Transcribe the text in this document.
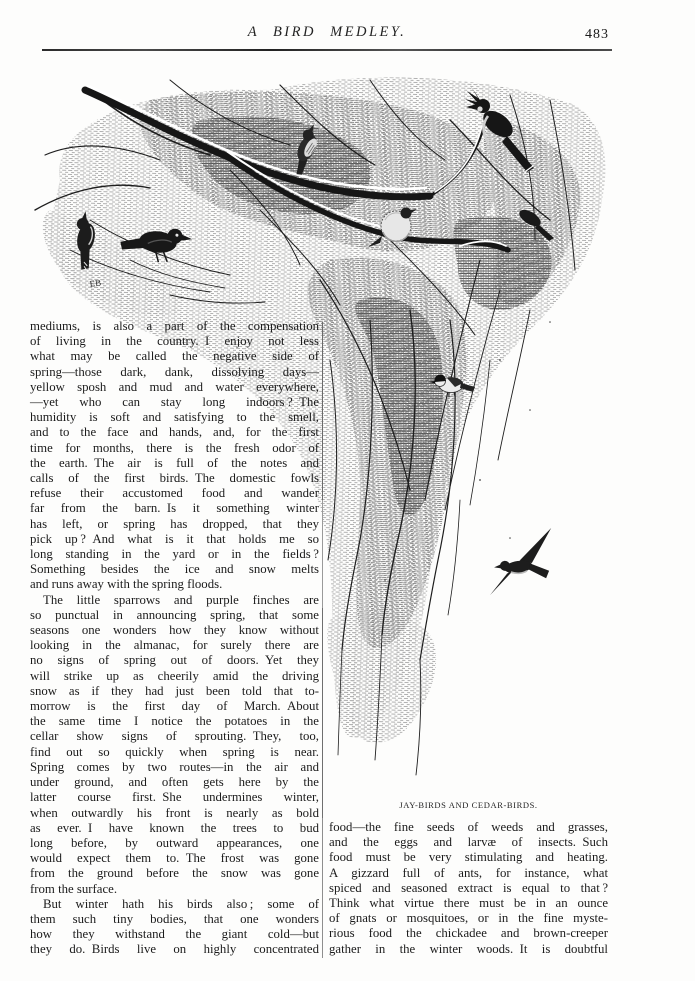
A BIRD MEDLEY.	483
EB
JAY-BIRDS AND CEDAR-BIRDS.
mediums, is also a part of the compensation
of living in the country. I enjoy not less
what may be called the negative side of
spring—those dark, dank, dissolving days—
yellow sposh and mud and water everywhere,
—yet who can stay long indoors ? The
humidity is soft and satisfying to the smell,
and to the face and hands, and, for the first
time for months, there is the fresh odor of
the earth. The air is full of the notes and
calls of the first birds. The domestic fowls
refuse their accustomed food and wander
far from the barn. Is it something winter
has left, or spring has dropped, that they
pick up ? And what is it that holds me so
long standing in the yard or in the fields ?
Something besides the ice and snow melts
and runs away with the spring floods.
The little sparrows and purple finches are
so punctual in announcing spring, that some
seasons one wonders how they know without
looking in the almanac, for surely there are
no signs of spring out of doors. Yet they
will strike up as cheerily amid the driving
snow as if they had just been told that to-
morrow is the first day of March. About
the same time I notice the potatoes in the
cellar show signs of sprouting. They, too,
find out so quickly when spring is near.
Spring comes by two routes—in the air and
under ground, and often gets here by the
latter course first. She undermines winter,
when outwardly his front is nearly as bold
as ever. I have known the trees to bud
long before, by outward appearances, one
would expect them to. The frost was gone
from the ground before the snow was gone
from the surface.
But winter hath his birds also ; some of
them such tiny bodies, that one wonders
how they withstand the giant cold—but
they do. Birds live on highly concentrated
food—the fine seeds of weeds and grasses,
and the eggs and larvæ of insects. Such
food must be very stimulating and heating.
A gizzard full of ants, for instance, what
spiced and seasoned extract is equal to that ?
Think what virtue there must be in an ounce
of gnats or mosquitoes, or in the fine myste-
rious food the chickadee and brown-creeper
gather in the winter woods. It is doubtful
